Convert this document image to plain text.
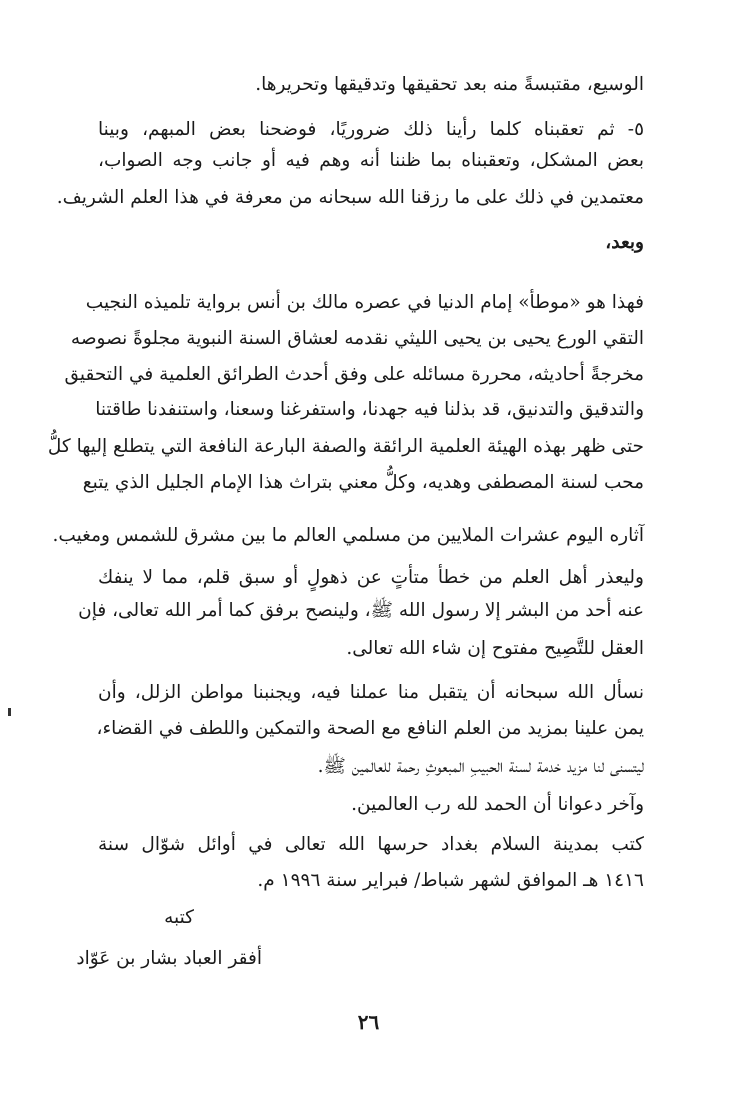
الوسيع، مقتبسةً منه بعد تحقيقها وتدقيقها وتحريرها.
٥- ثم تعقبناه كلما رأينا ذلك ضروريًا، فوضحنا بعض المبهم، وبينا
بعض المشكل، وتعقبناه بما ظننا أنه وهم فيه أو جانب وجه الصواب،
معتمدين في ذلك على ما رزقنا الله سبحانه من معرفة في هذا العلم الشريف.
وبعد،
فهذا هو «موطأ» إمام الدنيا في عصره مالك بن أنس برواية تلميذه النجيب
التقي الورع يحيى بن يحيى الليثي نقدمه لعشاق السنة النبوية مجلوةً نصوصه
مخرجةً أحاديثه، محررة مسائله على وفق أحدث الطرائق العلمية في التحقيق
والتدقيق والتدنيق، قد بذلنا فيه جهدنا، واستفرغنا وسعنا، واستنفدنا طاقتنا
حتى ظهر بهذه الهيئة العلمية الرائقة والصفة البارعة النافعة التي يتطلع إليها كلُّ
محب لسنة المصطفى وهديه، وكلُّ معني بتراث هذا الإمام الجليل الذي يتبع
آثاره اليوم عشرات الملايين من مسلمي العالم ما بين مشرق للشمس ومغيب.
وليعذر أهل العلم من خطأ متأتٍ عن ذهولٍ أو سبق قلم، مما لا ينفك
عنه أحد من البشر إلا رسول الله ﷺ، ولينصح برفق كما أمر الله تعالى، فإن
العقل للتَّصِيح مفتوح إن شاء الله تعالى.
نسأل الله سبحانه أن يتقبل منا عملنا فيه، ويجنبنا مواطن الزلل، وأن
يمن علينا بمزيد من العلم النافع مع الصحة والتمكين واللطف في القضاء،
ليتسنى لنا مزيد خدمة لسنة الحبيبِ المبعوثِ رحمة للعالمين ﷺ.
وآخر دعوانا أن الحمد لله رب العالمين.
كتب بمدينة السلام بغداد حرسها الله تعالى في أوائل شوّال سنة
١٤١٦ هـ الموافق لشهر شباط/ فبراير سنة ١٩٩٦ م.
كتبه
أفقر العباد بشار بن عَوّاد
٢٦
